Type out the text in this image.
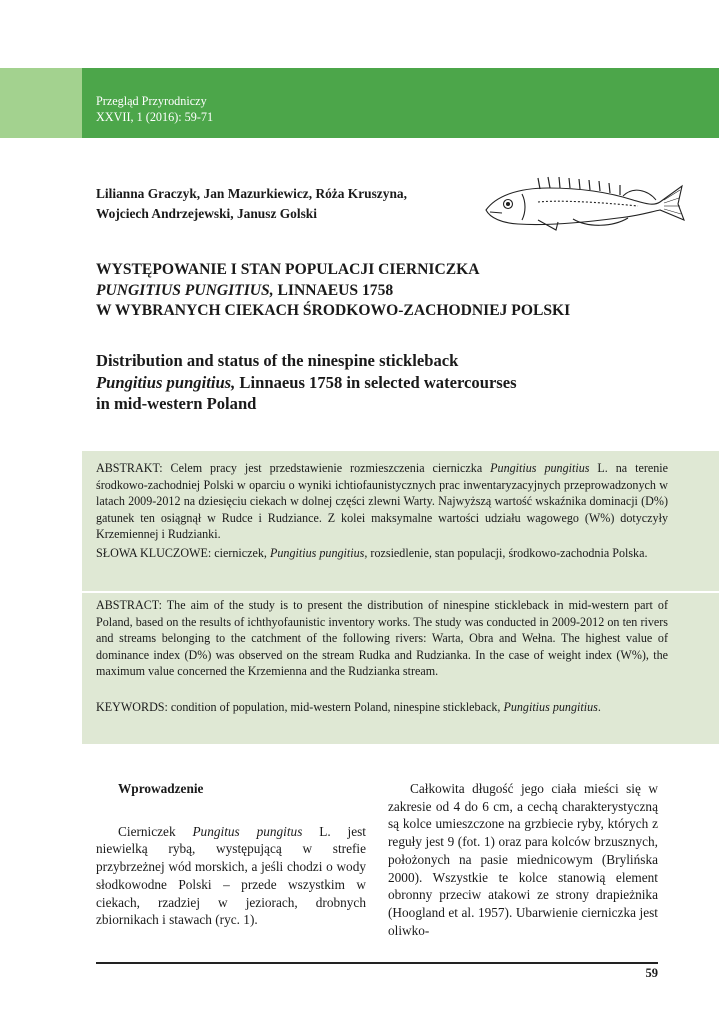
Przegląd Przyrodniczy
XXVII, 1 (2016): 59-71
Lilianna Graczyk, Jan Mazurkiewicz, Róża Kruszyna,
Wojciech Andrzejewski, Janusz Golski
WYSTĘPOWANIE I STAN POPULACJI CIERNICZKA
PUNGITIUS PUNGITIUS, LINNAEUS 1758
W WYBRANYCH CIEKACH ŚRODKOWO-ZACHODNIEJ POLSKI
Distribution and status of the ninespine stickleback
Pungitius pungitius, Linnaeus 1758 in selected watercourses
in mid-western Poland
ABSTRAKT: Celem pracy jest przedstawienie rozmieszczenia cierniczka Pungitius pungitius L. na terenie środkowo-zachodniej Polski w oparciu o wyniki ichtiofaunistycznych prac inwentaryzacyjnych przeprowadzonych w latach 2009-2012 na dziesięciu ciekach w dolnej części zlewni Warty. Najwyższą wartość wskaźnika dominacji (D%) gatunek ten osiągnął w Rudce i Rudziance. Z kolei maksymalne wartości udziału wagowego (W%) dotyczyły Krzemiennej i Rudzianki.
SŁOWA KLUCZOWE: cierniczek, Pungitius pungitius, rozsiedlenie, stan populacji, środkowo-zachodnia Polska.
ABSTRACT: The aim of the study is to present the distribution of ninespine stickleback in mid-western part of Poland, based on the results of ichthyofaunistic inventory works. The study was conducted in 2009-2012 on ten rivers and streams belonging to the catchment of the following rivers: Warta, Obra and Wełna. The highest value of dominance index (D%) was observed on the stream Rudka and Rudzianka. In the case of weight index (W%), the maximum value concerned the Krzemienna and the Rudzianka stream.
KEYWORDS: condition of population, mid-western Poland, ninespine stickleback, Pungitius pungitius.
Wprowadzenie

Cierniczek Pungitus pungitus L. jest niewielką rybą, występującą w strefie przybrzeżnej wód morskich, a jeśli chodzi o wody słodkowodne Polski – przede wszystkim w ciekach, rzadziej w jeziorach, drobnych zbiornikach i stawach (ryc. 1).

Całkowita długość jego ciała mieści się w zakresie od 4 do 6 cm, a cechą charakterystyczną są kolce umieszczone na grzbiecie ryby, których z reguły jest 9 (fot. 1) oraz para kolców brzusznych, położonych na pasie miednicowym (Brylińska 2000). Wszystkie te kolce stanowią element obronny przeciw atakowi ze strony drapieżnika (Hoogland et al. 1957). Ubarwienie cierniczka jest oliwko-

59
